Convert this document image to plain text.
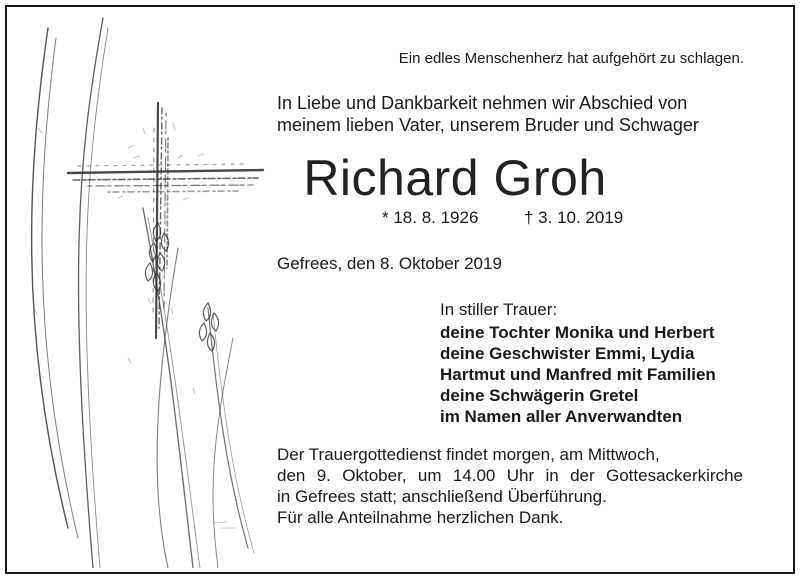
Ein edles Menschenherz hat aufgehört zu schlagen.

In Liebe und Dankbarkeit nehmen wir Abschied von
meinem lieben Vater, unserem Bruder und Schwager

Richard Groh

* 18. 8. 1926	† 3. 10. 2019

Gefrees, den 8. Oktober 2019

In stiller Trauer:

deine Tochter Monika und Herbert
deine Geschwister Emmi, Lydia
Hartmut und Manfred mit Familien
deine Schwägerin Gretel
im Namen aller Anverwandten

Der Trauergottedienst findet morgen, am Mittwoch,
den 9. Oktober, um 14.00 Uhr in der Gottesackerkirche
in Gefrees statt; anschließend Überführung.
Für alle Anteilnahme herzlichen Dank.
